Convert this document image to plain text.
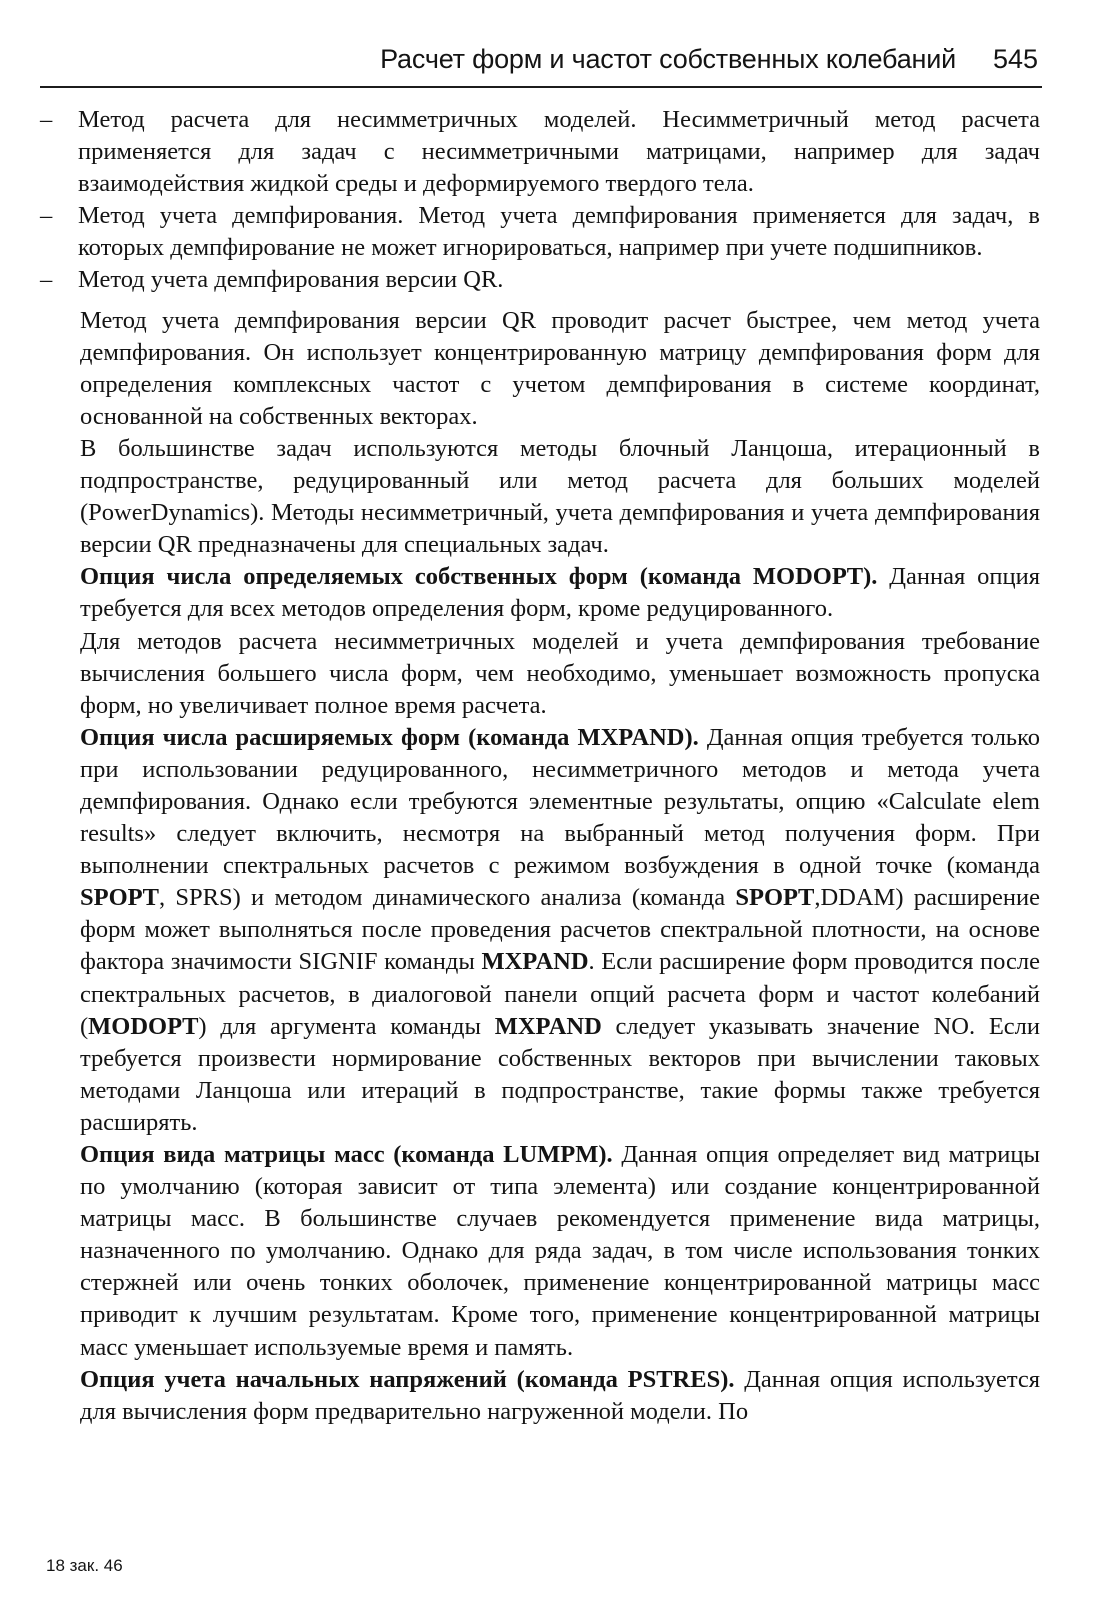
Расчет форм и частот собственных колебаний 545
–	Метод расчета для несимметричных моделей. Несимметричный метод расчета применяется для задач с несимметричными матрицами, например для задач взаимодействия жидкой среды и деформируемого твердого тела.
–	Метод учета демпфирования. Метод учета демпфирования применяется для задач, в которых демпфирование не может игнорироваться, например при учете подшипников.
–	Метод учета демпфирования версии QR.

Метод учета демпфирования версии QR проводит расчет быстрее, чем метод учета демпфирования. Он использует концентрированную матрицу демпфирования форм для определения комплексных частот с учетом демпфирования в системе координат, основанной на собственных векторах.

В большинстве задач используются методы блочный Ланцоша, итерационный в подпространстве, редуцированный или метод расчета для больших моделей (PowerDynamics). Методы несимметричный, учета демпфирования и учета демпфирования версии QR предназначены для специальных задач.

Опция числа определяемых собственных форм (команда MODOPT). Данная опция требуется для всех методов определения форм, кроме редуцированного.

Для методов расчета несимметричных моделей и учета демпфирования требование вычисления большего числа форм, чем необходимо, уменьшает возможность пропуска форм, но увеличивает полное время расчета.

Опция числа расширяемых форм (команда MXPAND). Данная опция требуется только при использовании редуцированного, несимметричного методов и метода учета демпфирования. Однако если требуются элементные результаты, опцию «Calculate elem results» следует включить, несмотря на выбранный метод получения форм. При выполнении спектральных расчетов с режимом возбуждения в одной точке (команда SPOPT, SPRS) и методом динамического анализа (команда SPOPT,DDAM) расширение форм может выполняться после проведения расчетов спектральной плотности, на основе фактора значимости SIGNIF команды MXPAND. Если расширение форм проводится после спектральных расчетов, в диалоговой панели опций расчета форм и частот колебаний (MODOPT) для аргумента команды MXPAND следует указывать значение NO. Если требуется произвести нормирование собственных векторов при вычислении таковых методами Ланцоша или итераций в подпространстве, такие формы также требуется расширять.

Опция вида матрицы масс (команда LUMPM). Данная опция определяет вид матрицы по умолчанию (которая зависит от типа элемента) или создание концентрированной матрицы масс. В большинстве случаев рекомендуется применение вида матрицы, назначенного по умолчанию. Однако для ряда задач, в том числе использования тонких стержней или очень тонких оболочек, применение концентрированной матрицы масс приводит к лучшим результатам. Кроме того, применение концентрированной матрицы масс уменьшает используемые время и память.

Опция учета начальных напряжений (команда PSTRES). Данная опция используется для вычисления форм предварительно нагруженной модели. По

18 зак. 46
